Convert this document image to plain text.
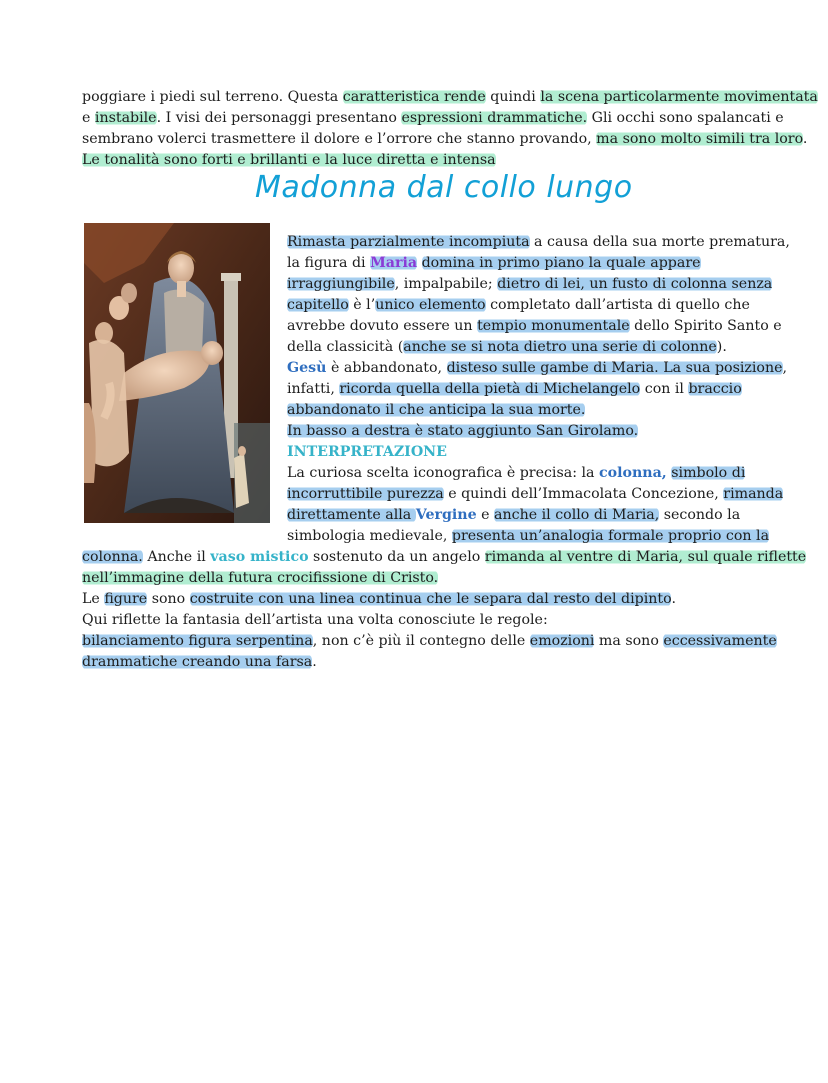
poggiare i piedi sul terreno. Questa caratteristica rende quindi la scena particolarmente movimentata
e instabile. I visi dei personaggi presentano espressioni drammatiche. Gli occhi sono spalancati e
sembrano volerci trasmettere il dolore e l’orrore che stanno provando, ma sono molto simili tra loro.
Le tonalità sono forti e brillanti e la luce diretta e intensa
Madonna dal collo lungo
Rimasta parzialmente incompiuta a causa della sua morte prematura,
la figura di Maria domina in primo piano la quale appare
irraggiungibile, impalpabile; dietro di lei, un fusto di colonna senza
capitello è l’unico elemento completato dall’artista di quello che
avrebbe dovuto essere un tempio monumentale dello Spirito Santo e
della classicità (anche se si nota dietro una serie di colonne).
Gesù è abbandonato, disteso sulle gambe di Maria. La sua posizione,
infatti, ricorda quella della pietà di Michelangelo con il braccio
abbandonato il che anticipa la sua morte.
In basso a destra è stato aggiunto San Girolamo.
INTERPRETAZIONE
La curiosa scelta iconografica è precisa: la colonna, simbolo di
incorruttibile purezza e quindi dell’Immacolata Concezione, rimanda
direttamente alla Vergine e anche il collo di Maria, secondo la
simbologia medievale, presenta un’analogia formale proprio con la
colonna. Anche il vaso mistico sostenuto da un angelo rimanda al ventre di Maria, sul quale riflette
nell’immagine della futura crocifissione di Cristo.
Le figure sono costruite con una linea continua che le separa dal resto del dipinto.
Qui riflette la fantasia dell’artista una volta conosciute le regole:
bilanciamento figura serpentina, non c’è più il contegno delle emozioni ma sono eccessivamente
drammatiche creando una farsa.
